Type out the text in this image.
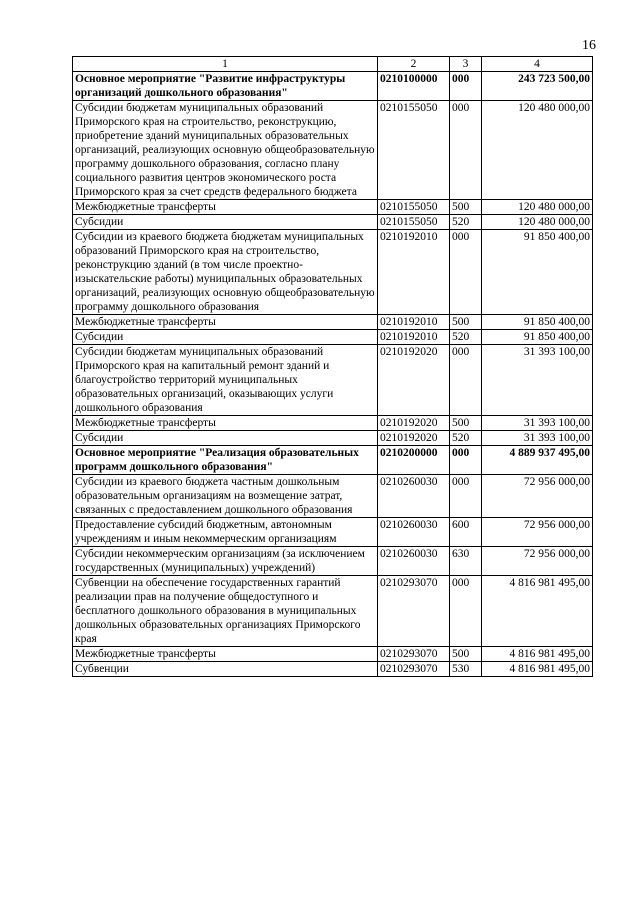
16
1	2	3	4
Основное мероприятие "Развитие инфраструктуры организаций дошкольного образования"	0210100000	000	243 723 500,00
Субсидии бюджетам муниципальных образований Приморского края на строительство, реконструкцию, приобретение зданий муниципальных образовательных организаций, реализующих основную общеобразовательную программу дошкольного образования, согласно плану социального развития центров экономического роста Приморского края за счет средств федерального бюджета	0210155050	000	120 480 000,00
Межбюджетные трансферты	0210155050	500	120 480 000,00
Субсидии	0210155050	520	120 480 000,00
Субсидии из краевого бюджета бюджетам муниципальных образований Приморского края на строительство, реконструкцию зданий (в том числе проектно-изыскательские работы) муниципальных образовательных организаций, реализующих основную общеобразовательную программу дошкольного образования	0210192010	000	91 850 400,00
Межбюджетные трансферты	0210192010	500	91 850 400,00
Субсидии	0210192010	520	91 850 400,00
Субсидии бюджетам муниципальных образований Приморского края на капитальный ремонт зданий и благоустройство территорий муниципальных образовательных организаций, оказывающих услуги дошкольного образования	0210192020	000	31 393 100,00
Межбюджетные трансферты	0210192020	500	31 393 100,00
Субсидии	0210192020	520	31 393 100,00
Основное мероприятие "Реализация образовательных программ дошкольного образования"	0210200000	000	4 889 937 495,00
Субсидии из краевого бюджета частным дошкольным образовательным организациям на возмещение затрат, связанных с предоставлением дошкольного образования	0210260030	000	72 956 000,00
Предоставление субсидий бюджетным, автономным учреждениям и иным некоммерческим организациям	0210260030	600	72 956 000,00
Субсидии некоммерческим организациям (за исключением государственных (муниципальных) учреждений)	0210260030	630	72 956 000,00
Субвенции на обеспечение государственных гарантий реализации прав на получение общедоступного и бесплатного дошкольного образования в муниципальных дошкольных образовательных организациях Приморского края	0210293070	000	4 816 981 495,00
Межбюджетные трансферты	0210293070	500	4 816 981 495,00
Субвенции	0210293070	530	4 816 981 495,00
